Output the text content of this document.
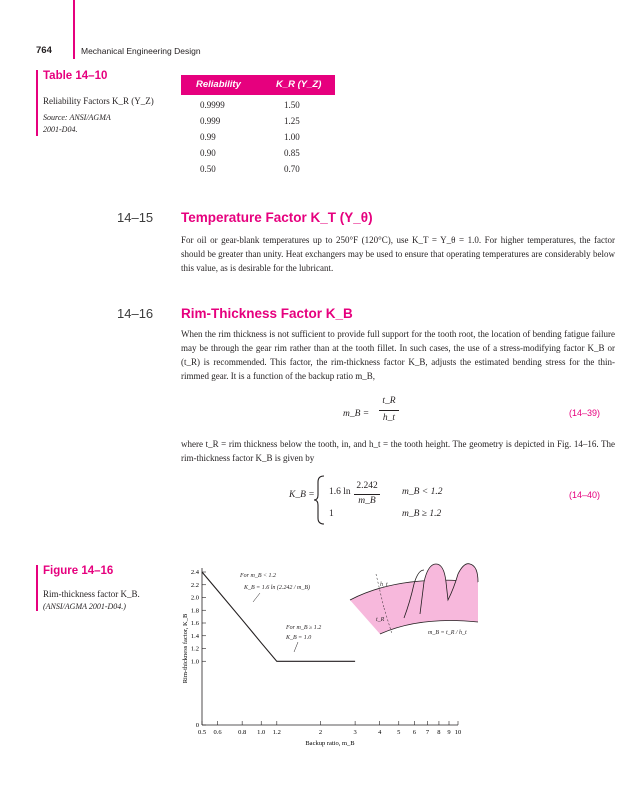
764	Mechanical Engineering Design
Table 14–10
Reliability Factors K_R (Y_Z)
Source: ANSI/AGMA
2001-D04.
Reliability	K_R (Y_Z)
0.9999	1.50
0.999	1.25
0.99	1.00
0.90	0.85
0.50	0.70
14–15 Temperature Factor K_T (Y_θ)
For oil or gear-blank temperatures up to 250°F (120°C), use K_T = Y_θ = 1.0. For higher temperatures, the factor should be greater than unity. Heat exchangers may be used to ensure that operating temperatures are considerably below this value, as is desirable for the lubricant.
14–16 Rim-Thickness Factor K_B
When the rim thickness is not sufficient to provide full support for the tooth root, the location of bending fatigue failure may be through the gear rim rather than at the tooth fillet. In such cases, the use of a stress-modifying factor K_B or (t_R) is recommended. This factor, the rim-thickness factor K_B, adjusts the estimated bending stress for the thin-rimmed gear. It is a function of the backup ratio m_B,
m_B =
t_R
h_t	(14–39)
where t_R = rim thickness below the tooth, in, and h_t = the tooth height. The geometry is depicted in Fig. 14–16. The rim-thickness factor K_B is given by
K_B = 1.6 ln
2.242
m_B
m_B < 1.2
1	m_B ≥ 1.2
(14–40)
Figure 14–16
Rim-thickness factor K_B.
(ANSI/AGMA 2001-D04.)
0
1.0
1.2
1.4
1.6
1.8
2.0
2.2
2.4
0.5 0.6	0.8 1.0 1.2	2	3	4 5 6 7 8 9 10
Backup ratio, m_B
Rim-thickness factor, K_B
For m_B < 1.2
K_B = 1.6 ln (2.242 / m_B)
For m_B ≥ 1.2
K_B = 1.0
h_t
t_R
m_B = t_R / h_t
